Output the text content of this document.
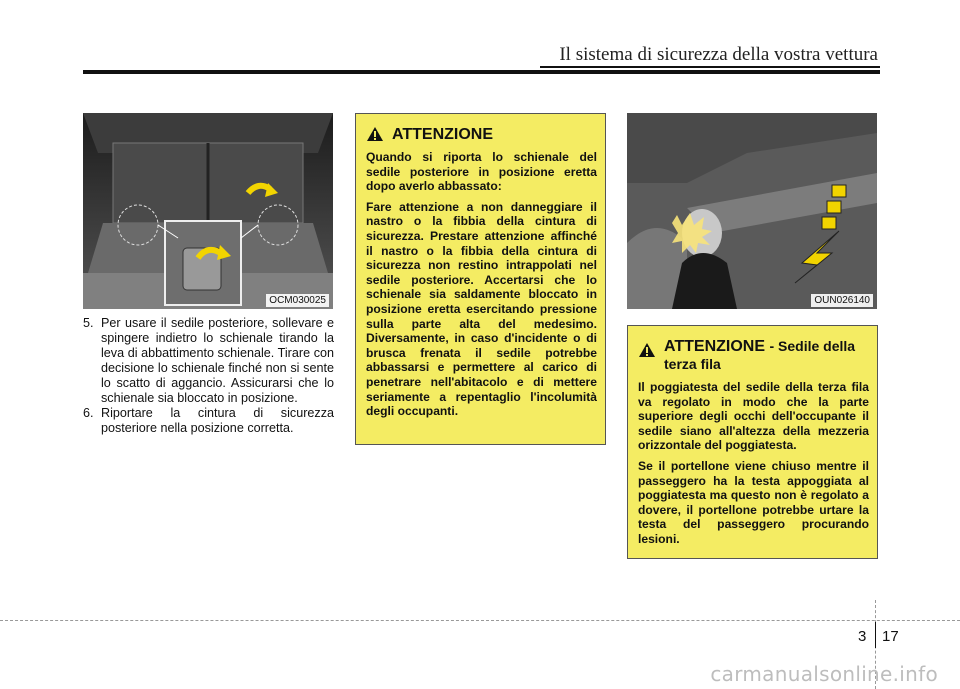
Il sistema di sicurezza della vostra vettura
OCM030025
5. Per usare il sedile posteriore, sollevare e spingere indietro lo schienale tirando la leva di abbattimento schienale. Tirare con decisione lo schienale finché non si sente lo scatto di aggancio. Assicurarsi che lo schienale sia bloccato in posizione.
6. Riportare la cintura di sicurezza posteriore nella posizione corretta.
ATTENZIONE

Quando si riporta lo schienale del sedile posteriore in posizione eretta dopo averlo abbassato:

Fare attenzione a non danneggiare il nastro o la fibbia della cintura di sicurezza. Prestare attenzione affinché il nastro o la fibbia della cintura di sicurezza non restino intrappolati nel sedile posteriore. Accertarsi che lo schienale sia saldamente bloccato in posizione eretta esercitando pressione sulla parte alta del medesimo. Diversamente, in caso d'incidente o di brusca frenata il sedile potrebbe abbassarsi e permettere al carico di penetrare nell'abitacolo e di mettere seriamente a repentaglio l'incolumità degli occupanti.

OUN026140
ATTENZIONE - Sedile della terza fila

Il poggiatesta del sedile della terza fila va regolato in modo che la parte superiore degli occhi dell'occupante il sedile siano all'altezza della mezzeria orizzontale del poggiatesta.

Se il portellone viene chiuso mentre il passeggero ha la testa appoggiata al poggiatesta ma questo non è regolato a dovere, il portellone potrebbe urtare la testa del passeggero procurando lesioni.

3 17
carmanualsonline.info
